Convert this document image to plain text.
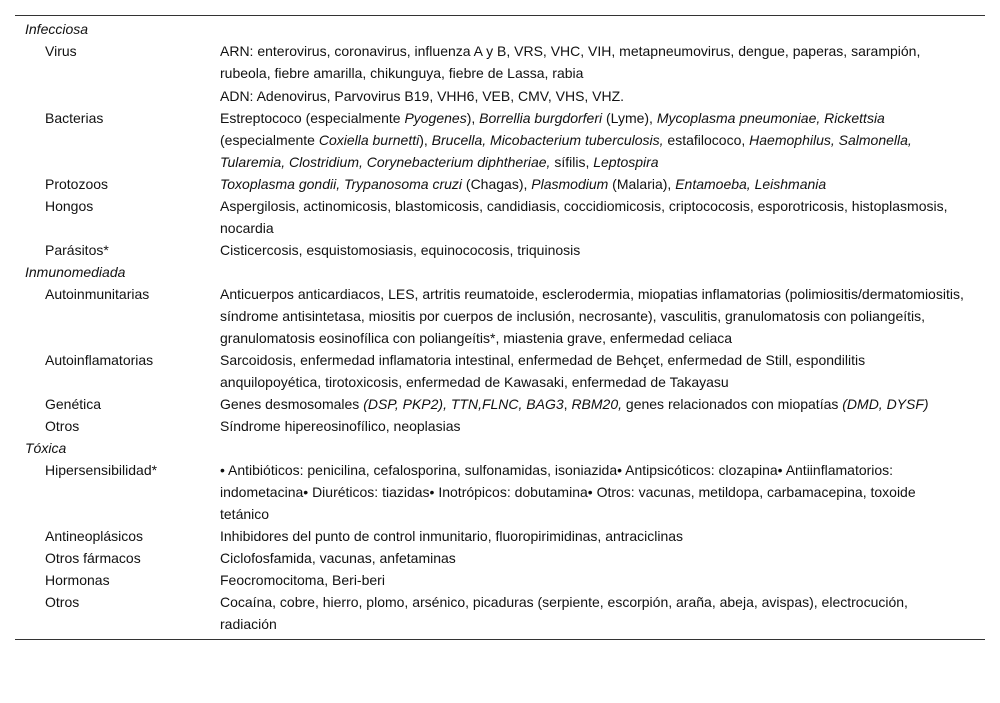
Infecciosa
Virus	ARN: enterovirus, coronavirus, influenza A y B, VRS, VHC, VIH, metapneumovirus, dengue, paperas, sarampión, rubeola, fiebre amarilla, chikunguya, fiebre de Lassa, rabia

ADN: Adenovirus, Parvovirus B19, VHH6, VEB, CMV, VHS, VHZ.

Bacterias	Estreptococo (especialmente Pyogenes), Borrellia burgdorferi (Lyme), Mycoplasma pneumoniae, Rickettsia (especialmente Coxiella burnetti), Brucella, Micobacterium tuberculosis, estafilococo, Haemophilus, Salmonella, Tularemia, Clostridium, Corynebacterium diphtheriae, sífilis, Leptospira

Protozoos	Toxoplasma gondii, Trypanosoma cruzi (Chagas), Plasmodium (Malaria), Entamoeba, Leishmania

Hongos	Aspergilosis, actinomicosis, blastomicosis, candidiasis, coccidiomicosis, criptococosis, esporotricosis, histoplasmosis, nocardia

Parásitos*	Cisticercosis, esquistomosiasis, equinococosis, triquinosis

Inmunomediada
Autoinmunitarias	Anticuerpos anticardiacos, LES, artritis reumatoide, esclerodermia, miopatias inflamatorias (polimiositis/dermatomiositis, síndrome antisintetasa, miositis por cuerpos de inclusión, necrosante), vasculitis, granulomatosis con poliangeítis, granulomatosis eosinofílica con poliangeítis*, miastenia grave, enfermedad celiaca

Autoinflamatorias	Sarcoidosis, enfermedad inflamatoria intestinal, enfermedad de Behçet, enfermedad de Still, espondilitis anquilopoyética, tirotoxicosis, enfermedad de Kawasaki, enfermedad de Takayasu

Genética	Genes desmosomales (DSP, PKP2), TTN,FLNC, BAG3, RBM20, genes relacionados con miopatías (DMD, DYSF)

Otros	Síndrome hipereosinofílico, neoplasias

Tóxica
Hipersensibilidad*	• Antibióticos: penicilina, cefalosporina, sulfonamidas, isoniazida• Antipsicóticos: clozapina• Antiinflamatorios: indometacina• Diuréticos: tiazidas• Inotrópicos: dobutamina• Otros: vacunas, metildopa, carbamacepina, toxoide tetánico

Antineoplásicos	Inhibidores del punto de control inmunitario, fluoropirimidinas, antraciclinas

Otros fármacos	Ciclofosfamida, vacunas, anfetaminas

Hormonas	Feocromocitoma, Beri-beri

Otros	Cocaína, cobre, hierro, plomo, arsénico, picaduras (serpiente, escorpión, araña, abeja, avispas), electrocución, radiación
